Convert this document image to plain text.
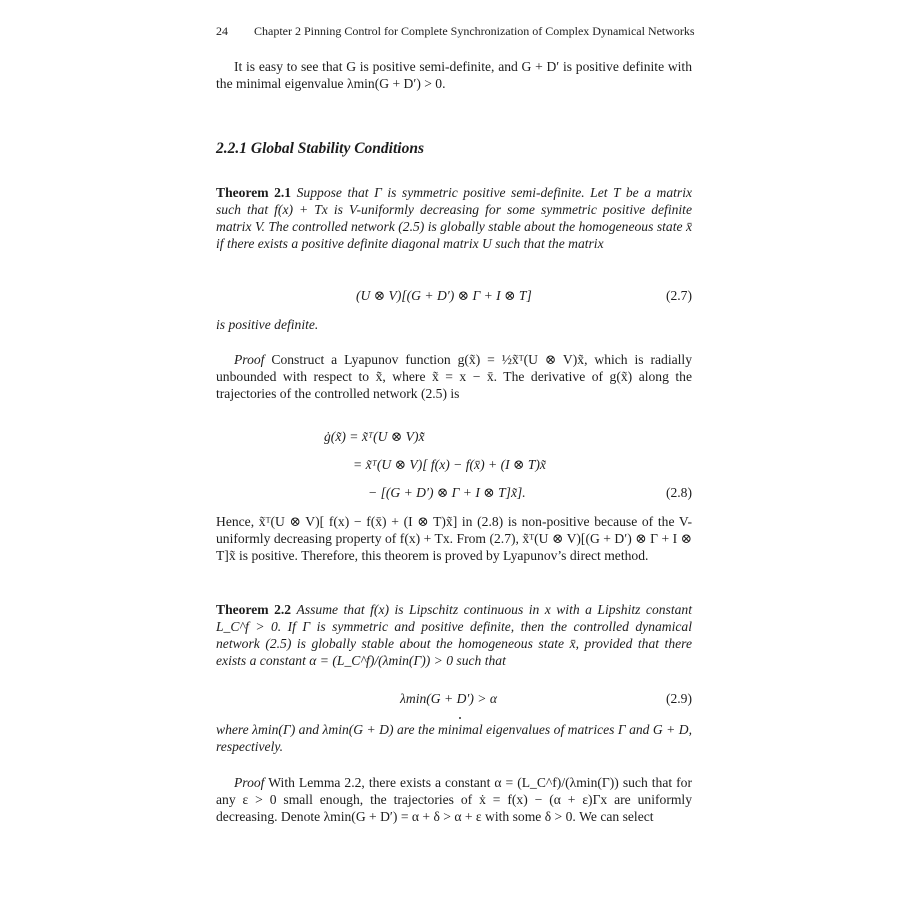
24 Chapter 2 Pinning Control for Complete Synchronization of Complex Dynamical Networks
It is easy to see that G is positive semi-definite, and G + D′ is positive definite with the minimal eigenvalue λmin(G + D′) > 0.
2.2.1 Global Stability Conditions
Theorem 2.1 Suppose that Γ is symmetric positive semi-definite. Let T be a matrix such that f(x) + Tx is V-uniformly decreasing for some symmetric positive definite matrix V. The controlled network (2.5) is globally stable about the homogeneous state x̄ if there exists a positive definite diagonal matrix U such that the matrix
(U ⊗ V)[(G + D′) ⊗ Γ + I ⊗ T]	(2.7)
is positive definite.
Proof Construct a Lyapunov function g(x̃) = ½x̃ᵀ(U ⊗ V)x̃, which is radially unbounded with respect to x̃, where x̃ = x − x̄. The derivative of g(x̃) along the trajectories of the controlled network (2.5) is
ġ(x̃) = x̃ᵀ(U ⊗ V)x̃̇
= x̃ᵀ(U ⊗ V)[ f(x) − f(x̄) + (I ⊗ T)x̃
− [(G + D′) ⊗ Γ + I ⊗ T]x̃].	(2.8)
Hence, x̃ᵀ(U ⊗ V)[ f(x) − f(x̄) + (I ⊗ T)x̃] in (2.8) is non-positive because of the V-uniformly decreasing property of f(x) + Tx. From (2.7), x̃ᵀ(U ⊗ V)[(G + D′) ⊗ Γ + I ⊗ T]x̃ is positive. Therefore, this theorem is proved by Lyapunov’s direct method.
Theorem 2.2 Assume that f(x) is Lipschitz continuous in x with a Lipshitz constant L_C^f > 0. If Γ is symmetric and positive definite, then the controlled dynamical network (2.5) is globally stable about the homogeneous state x̄, provided that there exists a constant α = (L_C^f)/(λmin(Γ)) > 0 such that
λmin(G + D′) > α	(2.9)
where λmin(Γ) and λmin(G + D) are the minimal eigenvalues of matrices Γ and G + D, respectively.
Proof With Lemma 2.2, there exists a constant α = (L_C^f)/(λmin(Γ)) such that for any ε > 0 small enough, the trajectories of ẋ = f(x) − (α + ε)Γx are uniformly decreasing. Denote λmin(G + D′) = α + δ > α + ε with some δ > 0. We can select
